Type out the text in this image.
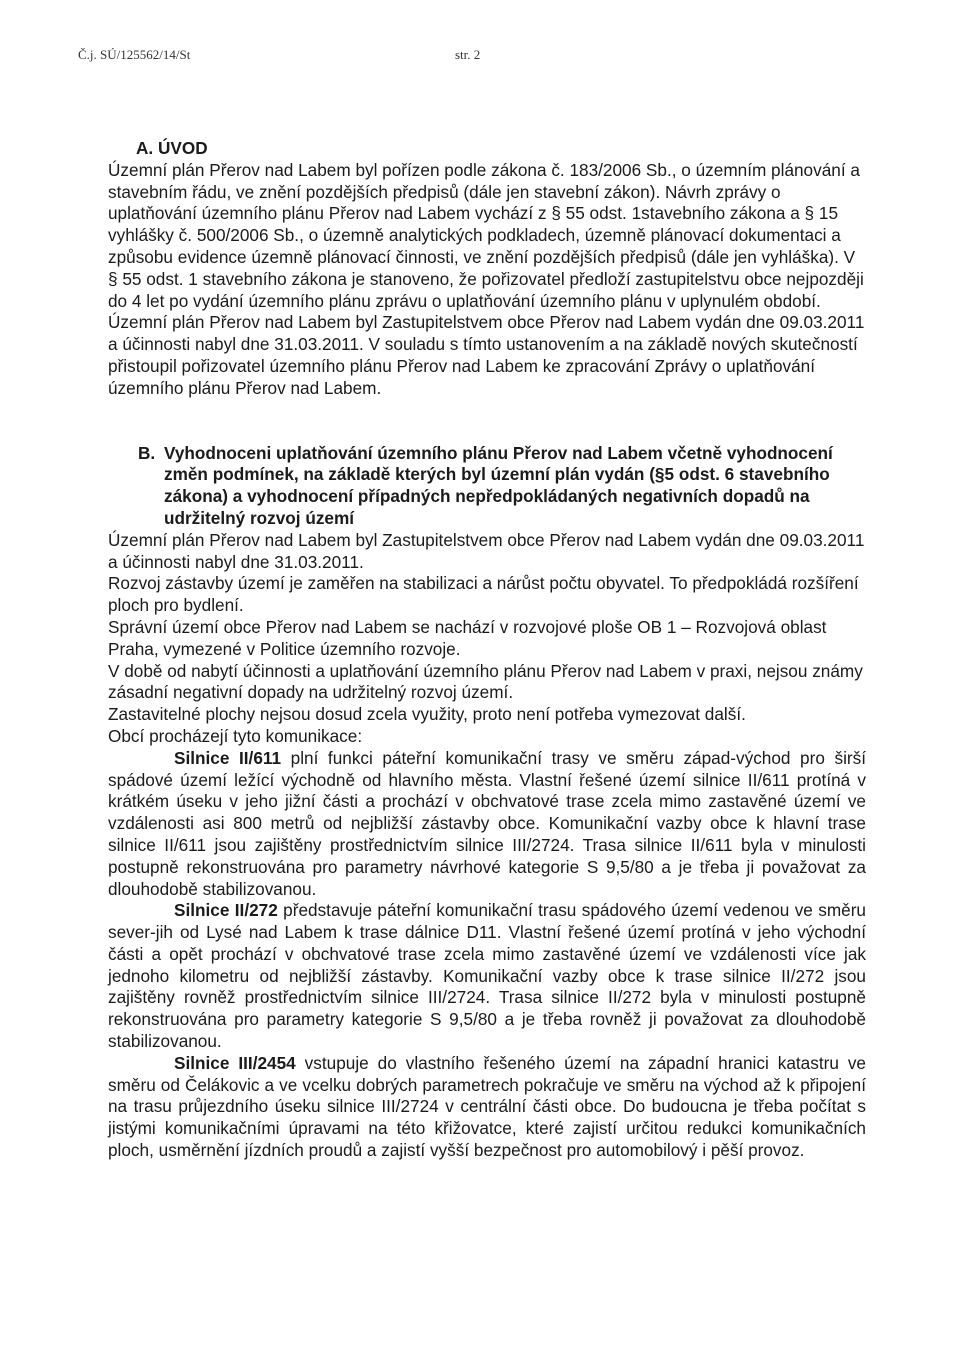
Č.j. SÚ/125562/14/St	str. 2

A. ÚVOD

Územní plán Přerov nad Labem byl pořízen podle zákona č. 183/2006 Sb., o územním plánování a stavebním řádu, ve znění pozdějších předpisů (dále jen stavební zákon). Návrh zprávy o uplatňování územního plánu Přerov nad Labem vychází z § 55 odst. 1stavebního zákona a § 15 vyhlášky č. 500/2006 Sb., o územně analytických podkladech, územně plánovací dokumentaci a způsobu evidence územně plánovací činnosti, ve znění pozdějších předpisů (dále jen vyhláška). V § 55 odst. 1 stavebního zákona je stanoveno, že pořizovatel předloží zastupitelstvu obce nejpozději do 4 let po vydání územního plánu zprávu o uplatňování územního plánu v uplynulém období. Územní plán Přerov nad Labem byl Zastupitelstvem obce Přerov nad Labem vydán dne 09.03.2011 a účinnosti nabyl dne 31.03.2011. V souladu s tímto ustanovením a na základě nových skutečností přistoupil pořizovatel územního plánu Přerov nad Labem ke zpracování Zprávy o uplatňování územního plánu Přerov nad Labem.

B. Vyhodnoceni uplatňování územního plánu Přerov nad Labem včetně vyhodnocení změn podmínek, na základě kterých byl územní plán vydán (§5 odst. 6 stavebního zákona) a vyhodnocení případných nepředpokládaných negativních dopadů na udržitelný rozvoj území

Územní plán Přerov nad Labem byl Zastupitelstvem obce Přerov nad Labem vydán dne 09.03.2011 a účinnosti nabyl dne 31.03.2011.

Rozvoj zástavby území je zaměřen na stabilizaci a nárůst počtu obyvatel. To předpokládá rozšíření ploch pro bydlení.

Správní území obce Přerov nad Labem se nachází v rozvojové ploše OB 1 – Rozvojová oblast Praha, vymezené v Politice územního rozvoje.

V době od nabytí účinnosti a uplatňování územního plánu Přerov nad Labem v praxi, nejsou známy zásadní negativní dopady na udržitelný rozvoj území.

Zastavitelné plochy nejsou dosud zcela využity, proto není potřeba vymezovat další.

Obcí procházejí tyto komunikace:

Silnice II/611 plní funkci páteřní komunikační trasy ve směru západ-východ pro širší spádové území ležící východně od hlavního města. Vlastní řešené území silnice II/611 protíná v krátkém úseku v jeho jižní části a prochází v obchvatové trase zcela mimo zastavěné území ve vzdálenosti asi 800 metrů od nejbližší zástavby obce. Komunikační vazby obce k hlavní trase silnice II/611 jsou zajištěny prostřednictvím silnice III/2724. Trasa silnice II/611 byla v minulosti postupně rekonstruována pro parametry návrhové kategorie S 9,5/80 a je třeba ji považovat za dlouhodobě stabilizovanou.

Silnice II/272 představuje páteřní komunikační trasu spádového území vedenou ve směru sever-jih od Lysé nad Labem k trase dálnice D11. Vlastní řešené území protíná v jeho východní části a opět prochází v obchvatové trase zcela mimo zastavěné území ve vzdálenosti více jak jednoho kilometru od nejbližší zástavby. Komunikační vazby obce k trase silnice II/272 jsou zajištěny rovněž prostřednictvím silnice III/2724. Trasa silnice II/272 byla v minulosti postupně rekonstruována pro parametry kategorie S 9,5/80 a je třeba rovněž ji považovat za dlouhodobě stabilizovanou.

Silnice III/2454 vstupuje do vlastního řešeného území na západní hranici katastru ve směru od Čelákovic a ve vcelku dobrých parametrech pokračuje ve směru na východ až k připojení na trasu průjezdního úseku silnice III/2724 v centrální části obce. Do budoucna je třeba počítat s jistými komunikačními úpravami na této křižovatce, které zajistí určitou redukci komunikačních ploch, usměrnění jízdních proudů a zajistí vyšší bezpečnost pro automobilový i pěší provoz.
